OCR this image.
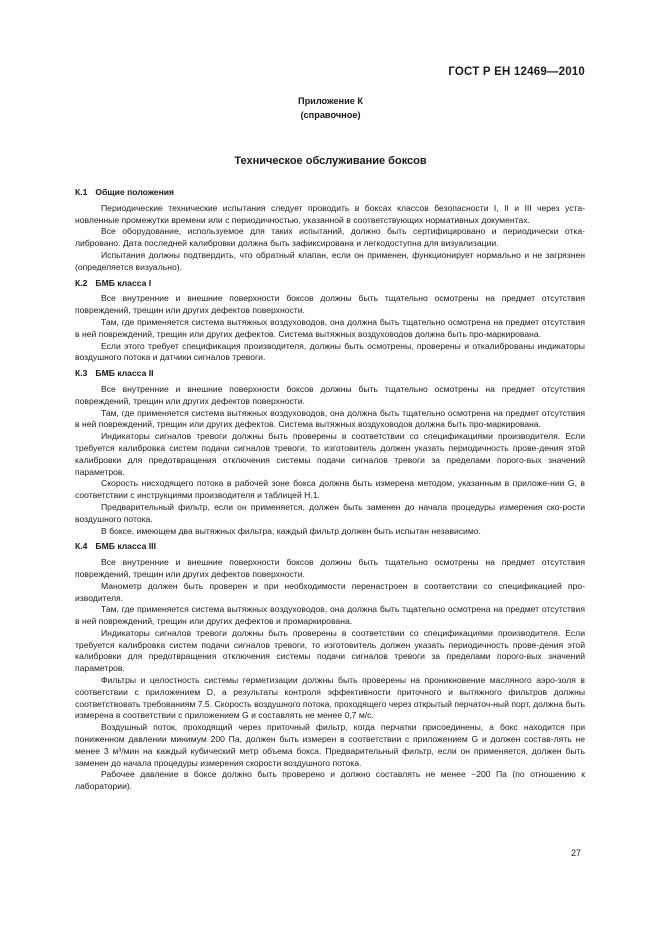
ГОСТ Р ЕН 12469—2010
Приложение К
(справочное)
Техническое обслуживание боксов
К.1 Общие положения

Периодические технические испытания следует проводить в боксах классов безопасности I, II и III через уста-новленные промежутки времени или с периодичностью, указанной в соответствующих нормативных документах.

Все оборудование, используемое для таких испытаний, должно быть сертифицировано и периодически отка-либровано. Дата последней калибровки должна быть зафиксирована и легкодоступна для визуализации.

Испытания должны подтвердить, что обратный клапан, если он применен, функционирует нормально и не загрязнен (определяется визуально).

К.2 БМБ класса I

Все внутренние и внешние поверхности боксов должны быть тщательно осмотрены на предмет отсутствия повреждений, трещин или других дефектов поверхности.

Там, где применяется система вытяжных воздуховодов, она должна быть тщательно осмотрена на предмет отсутствия в ней повреждений, трещин или других дефектов. Система вытяжных воздуховодов должна быть про-маркирована.

Если этого требует спецификация производителя, должны быть осмотрены, проверены и откалиброваны индикаторы воздушного потока и датчики сигналов тревоги.

К.3 БМБ класса II

Все внутренние и внешние поверхности боксов должны быть тщательно осмотрены на предмет отсутствия повреждений, трещин или других дефектов поверхности.

Там, где применяется система вытяжных воздуховодов, она должна быть тщательно осмотрена на предмет отсутствия в ней повреждений, трещин или других дефектов. Система вытяжных воздуховодов должна быть про-маркирована.

Индикаторы сигналов тревоги должны быть проверены в соответствии со спецификациями производителя. Если требуется калибровка систем подачи сигналов тревоги, то изготовитель должен указать периодичность прове-дения этой калибровки для предотвращения отключения системы подачи сигналов тревоги за пределами порого-вых значений параметров.

Скорость нисходящего потока в рабочей зоне бокса должна быть измерена методом, указанным в приложе-нии G, в соответствии с инструкциями производителя и таблицей Н.1.

Предварительный фильтр, если он применяется, должен быть заменен до начала процедуры измерения ско-рости воздушного потока.

В боксе, имеющем два вытяжных фильтра, каждый фильтр должен быть испытан независимо.

К.4 БМБ класса III

Все внутренние и внешние поверхности боксов должны быть тщательно осмотрены на предмет отсутствия повреждений, трещин или других дефектов поверхности.

Манометр должен быть проверен и при необходимости перенастроен в соответствии со спецификацией про-изводителя.

Там, где применяется система вытяжных воздуховодов, она должна быть тщательно осмотрена на предмет отсутствия в ней повреждений, трещин или других дефектов и промаркирована.

Индикаторы сигналов тревоги должны быть проверены в соответствии со спецификациями производителя. Если требуется калибровка систем подачи сигналов тревоги, то изготовитель должен указать периодичность прове-дения этой калибровки для предотвращения отключения системы подачи сигналов тревоги за пределами порого-вых значений параметров.

Фильтры и целостность системы герметизации должны быть проверены на проникновение масляного аэро-золя в соответствии с приложением D, а результаты контроля эффективности приточного и вытяжного фильтров должны соответствовать требованиям 7.5. Скорость воздушного потока, проходящего через открытый перчаточ-ный порт, должна быть измерена в соответствии с приложением G и составлять не менее 0,7 м/с.

Воздушный поток, проходящий через приточный фильтр, когда перчатки присоединены, а бокс находится при пониженном давлении минимум 200 Па, должен быть измерен в соответствии с приложением G и должен состав-лять не менее 3 м³/мин на каждый кубический метр объема бокса. Предварительный фильтр, если он применяется, должен быть заменен до начала процедуры измерения скорости воздушного потока.

Рабочее давление в боксе должно быть проверено и должно составлять не менее −200 Па (по отношению к лаборатории).

27
